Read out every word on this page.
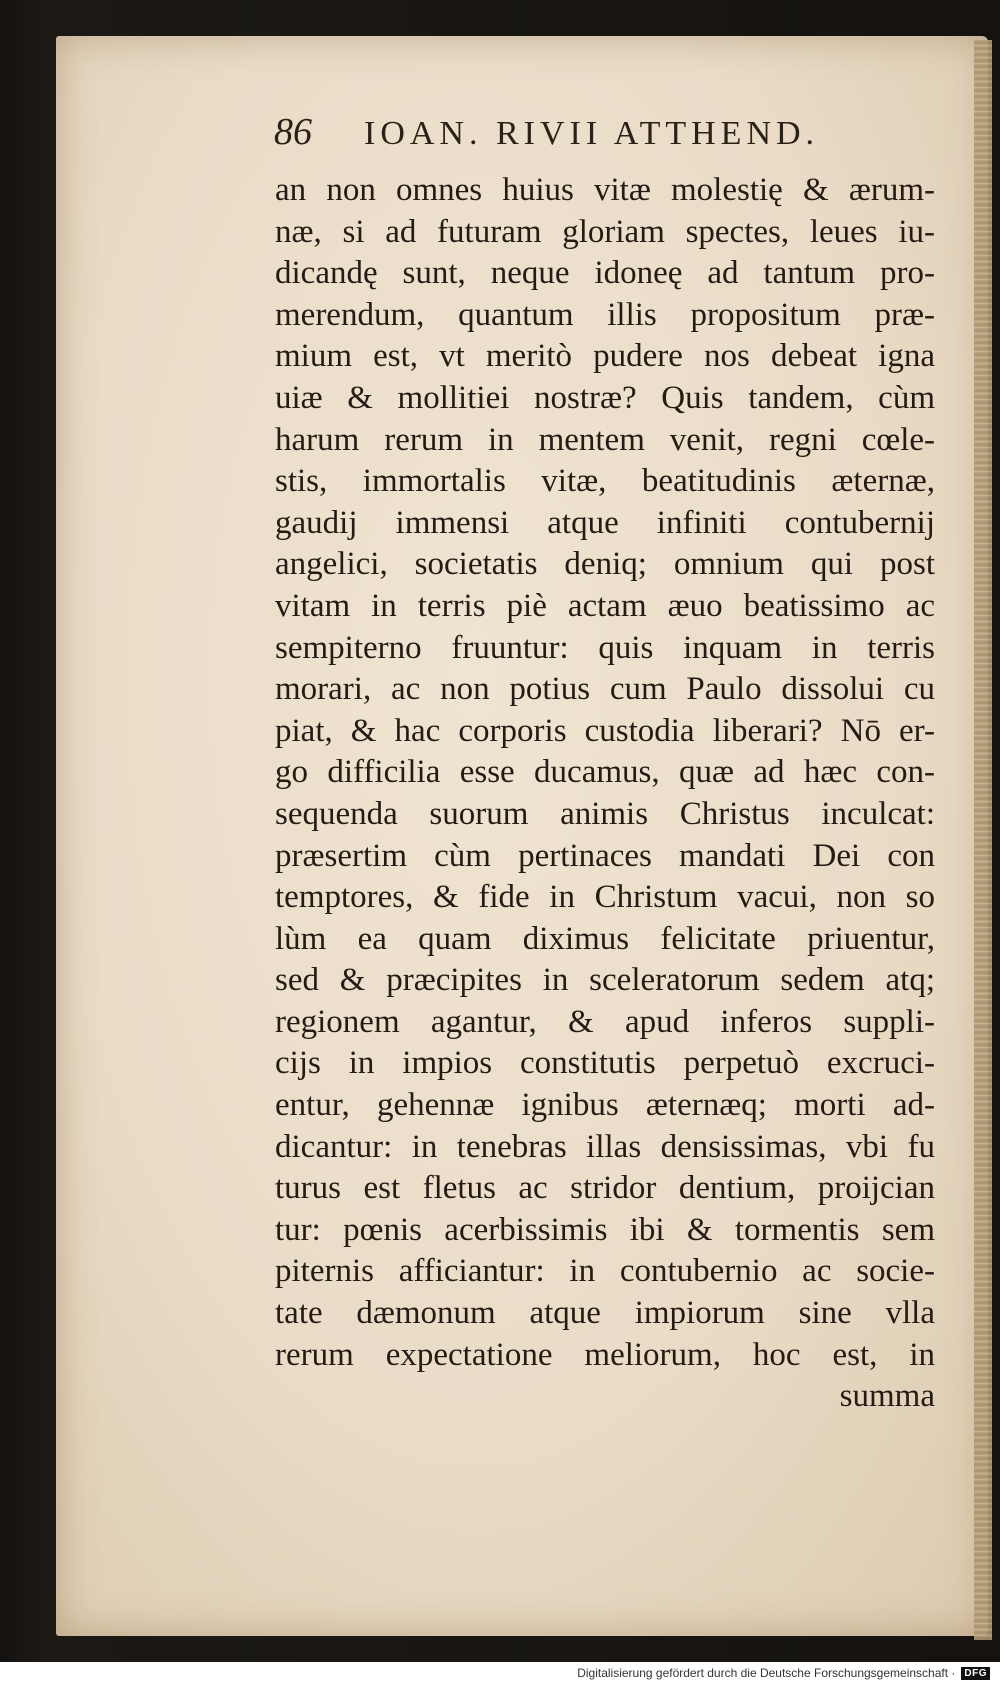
86 IOAN. RIVII ATTHEND.
an non omnes huius vitæ molestię & ærum-
næ, si ad futuram gloriam spectes, leues iu-
dicandę sunt, neque idoneę ad tantum pro-
merendum, quantum illis propositum præ-
mium est, vt meritò pudere nos debeat igna
uiæ & mollitiei nostræ? Quis tandem, cùm
harum rerum in mentem venit, regni cœle-
stis, immortalis vitæ, beatitudinis æternæ,
gaudij immensi atque infiniti contubernij
angelici, societatis deniq; omnium qui post
vitam in terris piè actam æuo beatissimo ac
sempiterno fruuntur: quis inquam in terris
morari, ac non potius cum Paulo dissolui cu
piat, & hac corporis custodia liberari? Nō er-
go difficilia esse ducamus, quæ ad hæc con-
sequenda suorum animis Christus inculcat:
præsertim cùm pertinaces mandati Dei con
temptores, & fide in Christum vacui, non so
lùm ea quam diximus felicitate priuentur,
sed & præcipites in sceleratorum sedem atq;
regionem agantur, & apud inferos suppli-
cijs in impios constitutis perpetuò excruci-
entur, gehennæ ignibus æternæq; morti ad-
dicantur: in tenebras illas densissimas, vbi fu
turus est fletus ac stridor dentium, proijcian
tur: pœnis acerbissimis ibi & tormentis sem
piternis afficiantur: in contubernio ac socie-
tate dæmonum atque impiorum sine vlla
rerum expectatione meliorum, hoc est, in
summa
Digitalisierung gefördert durch die Deutsche Forschungsgemeinschaft · DFG
